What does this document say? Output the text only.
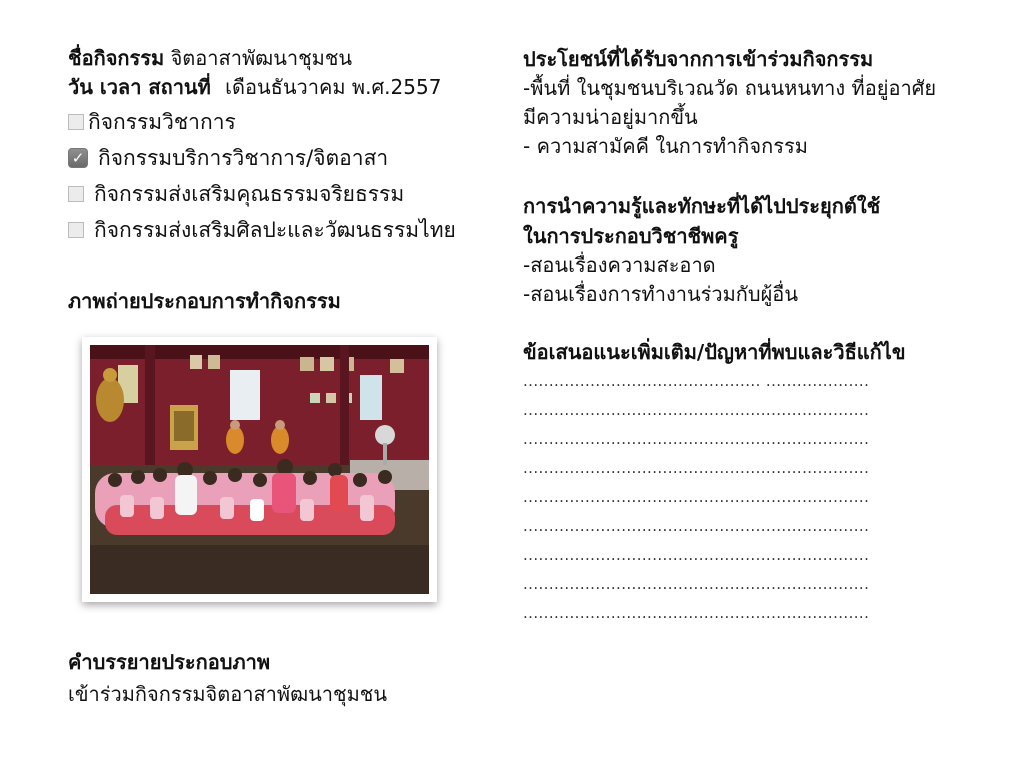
ชื่อกิจกรรม จิตอาสาพัฒนาชุมชน
วัน เวลา สถานที่ เดือนธันวาคม พ.ศ.2557
กิจกรรมวิชาการ
✓ กิจกรรมบริการวิชาการ/จิตอาสา
กิจกรรมส่งเสริมคุณธรรมจริยธรรม
กิจกรรมส่งเสริมศิลปะและวัฒนธรรมไทย
ภาพถ่ายประกอบการทำกิจกรรม
คำบรรยายประกอบภาพ
เข้าร่วมกิจกรรมจิตอาสาพัฒนาชุมชน
ประโยชน์ที่ได้รับจากการเข้าร่วมกิจกรรม
-พื้นที่ ในชุมชนบริเวณวัด ถนนหนทาง ที่อยู่อาศัย
มีความน่าอยู่มากขึ้น
- ความสามัคคี ในการทำกิจกรรม
การนำความรู้และทักษะที่ได้ไปประยุกต์ใช้
ในการประกอบวิชาชีพครู
-สอนเรื่องความสะอาด
-สอนเรื่องการทำงานร่วมกับผู้อื่น
ข้อเสนอแนะเพิ่มเติม/ปัญหาที่พบและวิธีแก้ไข
.............................................. ....................
...................................................................
...................................................................
...................................................................
...................................................................
...................................................................
...................................................................
...................................................................
...................................................................
